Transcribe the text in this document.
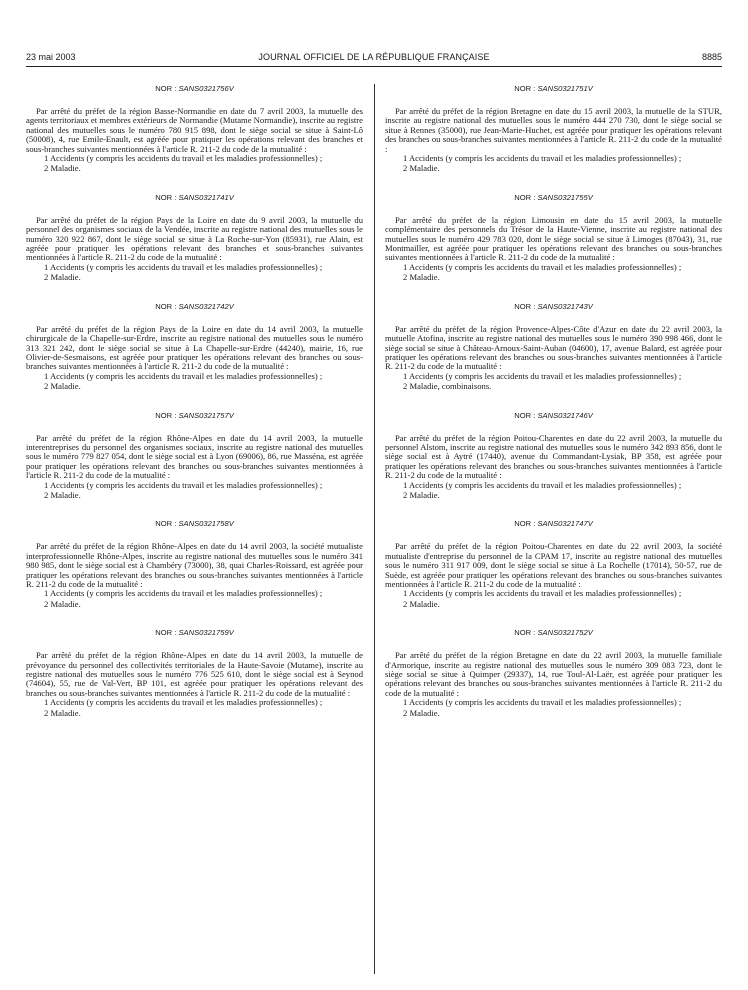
23 mai 2003	JOURNAL OFFICIEL DE LA RÉPUBLIQUE FRANÇAISE	8885

NOR : SANS0321756V

Par arrêté du préfet de la région Basse-Normandie en date du 7 avril 2003, la mutuelle des agents territoriaux et membres extérieurs de Normandie (Mutame Normandie), inscrite au registre national des mutuelles sous le numéro 780 915 898, dont le siège social se situe à Saint-Lô (50008), 4, rue Emile-Enault, est agréée pour pratiquer les opérations relevant des branches et sous-branches suivantes mentionnées à l'article R. 211-2 du code de la mutualité :

1 Accidents (y compris les accidents du travail et les maladies professionnelles) ;
2 Maladie.

NOR : SANS0321741V

Par arrêté du préfet de la région Pays de la Loire en date du 9 avril 2003, la mutuelle du personnel des organismes sociaux de la Vendée, inscrite au registre national des mutuelles sous le numéro 320 922 867, dont le siège social se situe à La Roche-sur-Yon (85931), rue Alain, est agréée pour pratiquer les opérations relevant des branches et sous-branches suivantes mentionnées à l'article R. 211-2 du code de la mutualité :

1 Accidents (y compris les accidents du travail et les maladies professionnelles) ;
2 Maladie.

NOR : SANS0321742V

Par arrêté du préfet de la région Pays de la Loire en date du 14 avril 2003, la mutuelle chirurgicale de la Chapelle-sur-Erdre, inscrite au registre national des mutuelles sous le numéro 313 321 242, dont le siège social se situe à La Chapelle-sur-Erdre (44240), mairie, 16, rue Olivier-de-Sesmaisons, est agréée pour pratiquer les opérations relevant des branches ou sous-branches suivantes mentionnées à l'article R. 211-2 du code de la mutualité :

1 Accidents (y compris les accidents du travail et les maladies professionnelles) ;
2 Maladie.

NOR : SANS0321757V

Par arrêté du préfet de la région Rhône-Alpes en date du 14 avril 2003, la mutuelle interentreprises du personnel des organismes sociaux, inscrite au registre national des mutuelles sous le numéro 779 827 054, dont le siège social est à Lyon (69006), 86, rue Masséna, est agréée pour pratiquer les opérations relevant des branches ou sous-branches suivantes mentionnées à l'article R. 211-2 du code de la mutualité :

1 Accidents (y compris les accidents du travail et les maladies professionnelles) ;
2 Maladie.

NOR : SANS0321758V

Par arrêté du préfet de la région Rhône-Alpes en date du 14 avril 2003, la société mutualiste interprofessionnelle Rhône-Alpes, inscrite au registre national des mutuelles sous le numéro 341 980 985, dont le siège social est à Chambéry (73000), 38, quai Charles-Roissard, est agréée pour pratiquer les opérations relevant des branches ou sous-branches suivantes mentionnées à l'article R. 211-2 du code de la mutualité :

1 Accidents (y compris les accidents du travail et les maladies professionnelles) ;
2 Maladie.

NOR : SANS0321759V

Par arrêté du préfet de la région Rhône-Alpes en date du 14 avril 2003, la mutuelle de prévoyance du personnel des collectivités territoriales de la Haute-Savoie (Mutame), inscrite au registre national des mutuelles sous le numéro 776 525 610, dont le siège social est à Seynod (74604), 55, rue de Val-Vert, BP 101, est agréée pour pratiquer les opérations relevant des branches ou sous-branches suivantes mentionnées à l'article R. 211-2 du code de la mutualité :

1 Accidents (y compris les accidents du travail et les maladies professionnelles) ;
2 Maladie.

NOR : SANS0321751V

Par arrêté du préfet de la région Bretagne en date du 15 avril 2003, la mutuelle de la STUR, inscrite au registre national des mutuelles sous le numéro 444 270 730, dont le siège social se situe à Rennes (35000), rue Jean-Marie-Huchet, est agréée pour pratiquer les opérations relevant des branches ou sous-branches suivantes mentionnées à l'article R. 211-2 du code de la mutualité :

1 Accidents (y compris les accidents du travail et les maladies professionnelles) ;
2 Maladie.

NOR : SANS0321755V

Par arrêté du préfet de la région Limousin en date du 15 avril 2003, la mutuelle complémentaire des personnels du Trésor de la Haute-Vienne, inscrite au registre national des mutuelles sous le numéro 429 783 020, dont le siège social se situe à Limoges (87043), 31, rue Montmailler, est agréée pour pratiquer les opérations relevant des branches ou sous-branches suivantes mentionnées à l'article R. 211-2 du code de la mutualité :

1 Accidents (y compris les accidents du travail et les maladies professionnelles) ;
2 Maladie.

NOR : SANS0321743V

Par arrêté du préfet de la région Provence-Alpes-Côte d'Azur en date du 22 avril 2003, la mutuelle Atofina, inscrite au registre national des mutuelles sous le numéro 390 998 466, dont le siège social se situe à Château-Arnoux-Saint-Auban (04600), 17, avenue Balard, est agréée pour pratiquer les opérations relevant des branches ou sous-branches suivantes mentionnées à l'article R. 211-2 du code de la mutualité :

1 Accidents (y compris les accidents du travail et les maladies professionnelles) ;
2 Maladie, combinaisons.

NOR : SANS0321746V

Par arrêté du préfet de la région Poitou-Charentes en date du 22 avril 2003, la mutuelle du personnel Alstom, inscrite au registre national des mutuelles sous le numéro 342 893 856, dont le siège social est à Aytré (17440), avenue du Commandant-Lysiak, BP 358, est agréée pour pratiquer les opérations relevant des branches ou sous-branches suivantes mentionnées à l'article R. 211-2 du code de la mutualité :

1 Accidents (y compris les accidents du travail et les maladies professionnelles) ;
2 Maladie.

NOR : SANS0321747V

Par arrêté du préfet de la région Poitou-Charentes en date du 22 avril 2003, la société mutualiste d'entreprise du personnel de la CPAM 17, inscrite au registre national des mutuelles sous le numéro 311 917 009, dont le siège social se situe à La Rochelle (17014), 50-57, rue de Suède, est agréée pour pratiquer les opérations relevant des branches ou sous-branches suivantes mentionnées à l'article R. 211-2 du code de la mutualité :

1 Accidents (y compris les accidents du travail et les maladies professionnelles) ;
2 Maladie.

NOR : SANS0321752V

Par arrêté du préfet de la région Bretagne en date du 22 avril 2003, la mutuelle familiale d'Armorique, inscrite au registre national des mutuelles sous le numéro 309 083 723, dont le siège social se situe à Quimper (29337), 14, rue Toul-Al-Laër, est agréée pour pratiquer les opérations relevant des branches ou sous-branches suivantes mentionnées à l'article R. 211-2 du code de la mutualité :

1 Accidents (y compris les accidents du travail et les maladies professionnelles) ;
2 Maladie.
